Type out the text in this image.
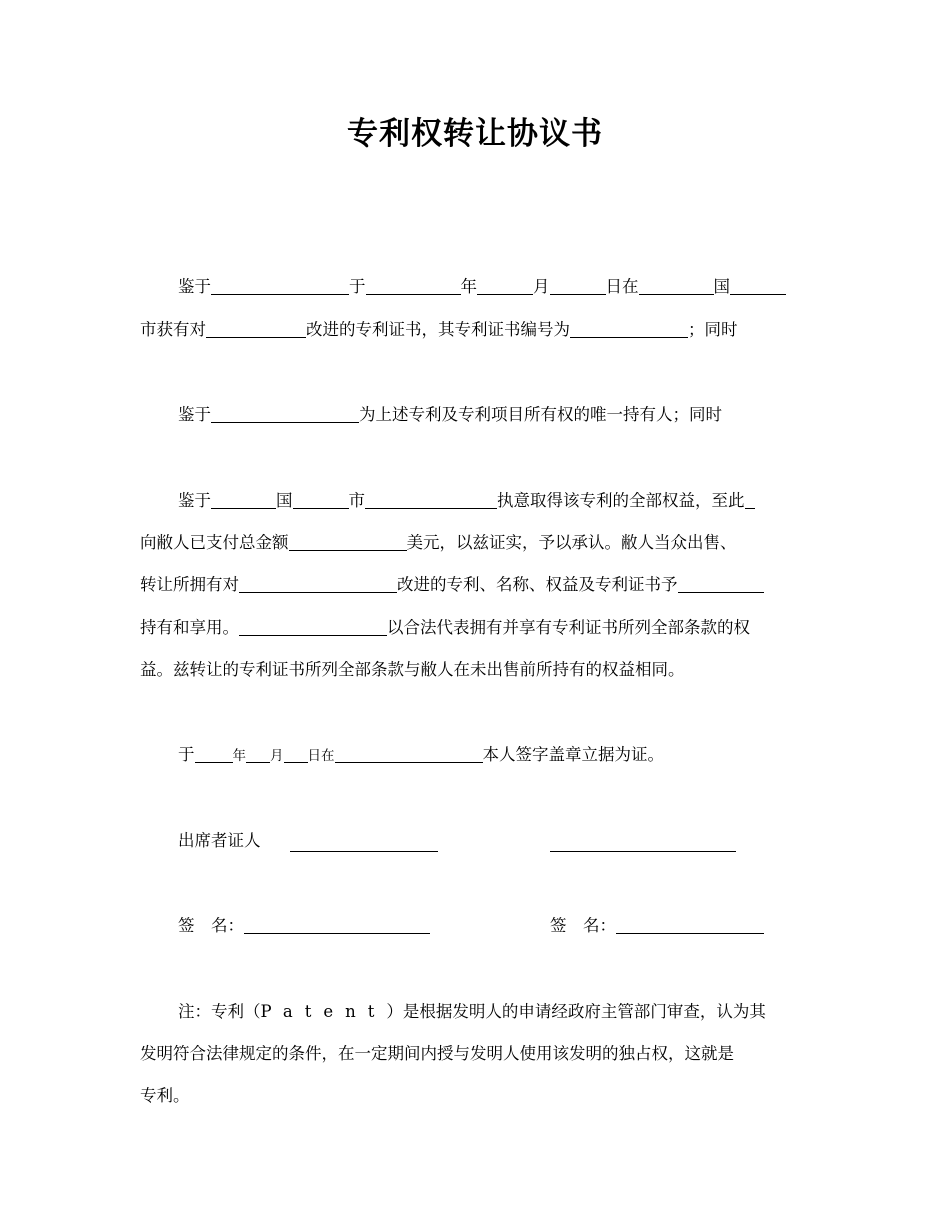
专利权转让协议书
鉴于	于	年	月	日在	国
市获有对	改进的专利证书，其专利证书编号为	；同时
鉴于	为上述专利及专利项目所有权的唯一持有人；同时
鉴于	国	市	执意取得该专利的全部权益，至此
向敝人已支付总金额	美元，以兹证实，予以承认。敝人当众出售、
转让所拥有对	改进的专利、名称、权益及专利证书予
持有和享用。	以合法代表拥有并享有专利证书所列全部条款的权
益。兹转让的专利证书所列全部条款与敝人在未出售前所持有的权益相同。
于	年 月 日在	本人签字盖章立据为证。
出席者证人
签　名：	签　名：
注：专利（Patent）是根据发明人的申请经政府主管部门审查，认为其
发明符合法律规定的条件，在一定期间内授与发明人使用该发明的独占权，这就是
专利。
